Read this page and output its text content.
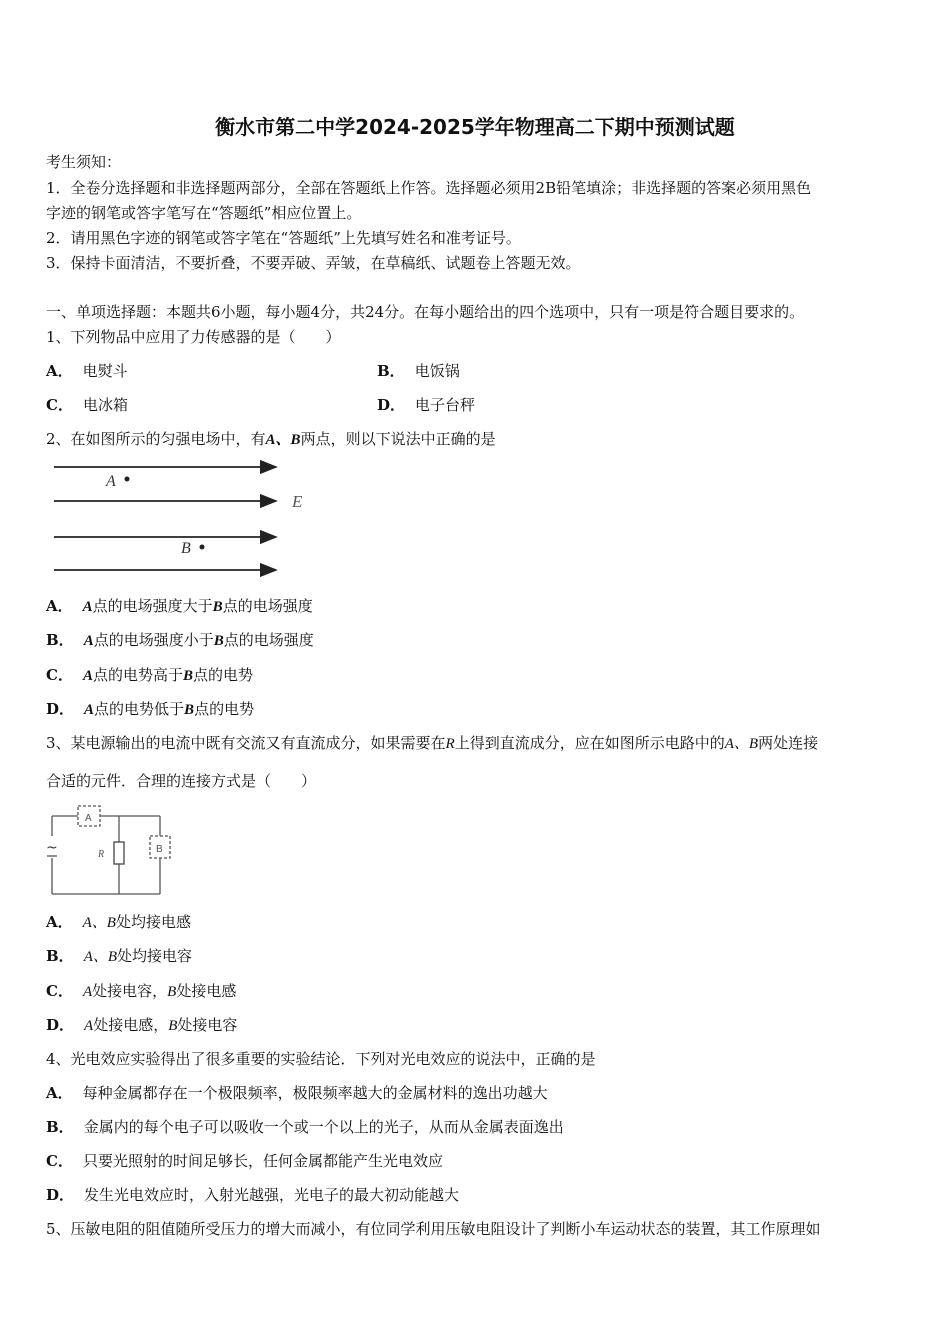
衡水市第二中学2024-2025学年物理高二下期中预测试题
考生须知：
1．全卷分选择题和非选择题两部分，全部在答题纸上作答。选择题必须用2B铅笔填涂；非选择题的答案必须用黑色
字迹的钢笔或答字笔写在“答题纸”相应位置上。
2．请用黑色字迹的钢笔或答字笔在“答题纸”上先填写姓名和准考证号。
3．保持卡面清洁，不要折叠，不要弄破、弄皱，在草稿纸、试题卷上答题无效。
一、单项选择题：本题共6小题，每小题4分，共24分。在每小题给出的四个选项中，只有一项是符合题目要求的。
1、下列物品中应用了力传感器的是（　　）
A． 电熨斗	B． 电饭锅
C． 电冰箱	D． 电子台秤
2、在如图所示的匀强电场中，有A、B两点，则以下说法中正确的是
A
B
E
A． A点的电场强度大于B点的电场强度
B． A点的电场强度小于B点的电场强度
C． A点的电势高于B点的电势
D． A点的电势低于B点的电势
3、某电源输出的电流中既有交流又有直流成分，如果需要在R上得到直流成分，应在如图所示电路中的A、B两处连接
合适的元件．合理的连接方式是（　　）
~
A
B
R
A． A、B处均接电感
B． A、B处均接电容
C． A处接电容，B处接电感
D． A处接电感，B处接电容
4、光电效应实验得出了很多重要的实验结论．下列对光电效应的说法中，正确的是
A． 每种金属都存在一个极限频率，极限频率越大的金属材料的逸出功越大
B． 金属内的每个电子可以吸收一个或一个以上的光子，从而从金属表面逸出
C． 只要光照射的时间足够长，任何金属都能产生光电效应
D． 发生光电效应时，入射光越强，光电子的最大初动能越大
5、压敏电阻的阻值随所受压力的增大而减小，有位同学利用压敏电阻设计了判断小车运动状态的装置，其工作原理如
